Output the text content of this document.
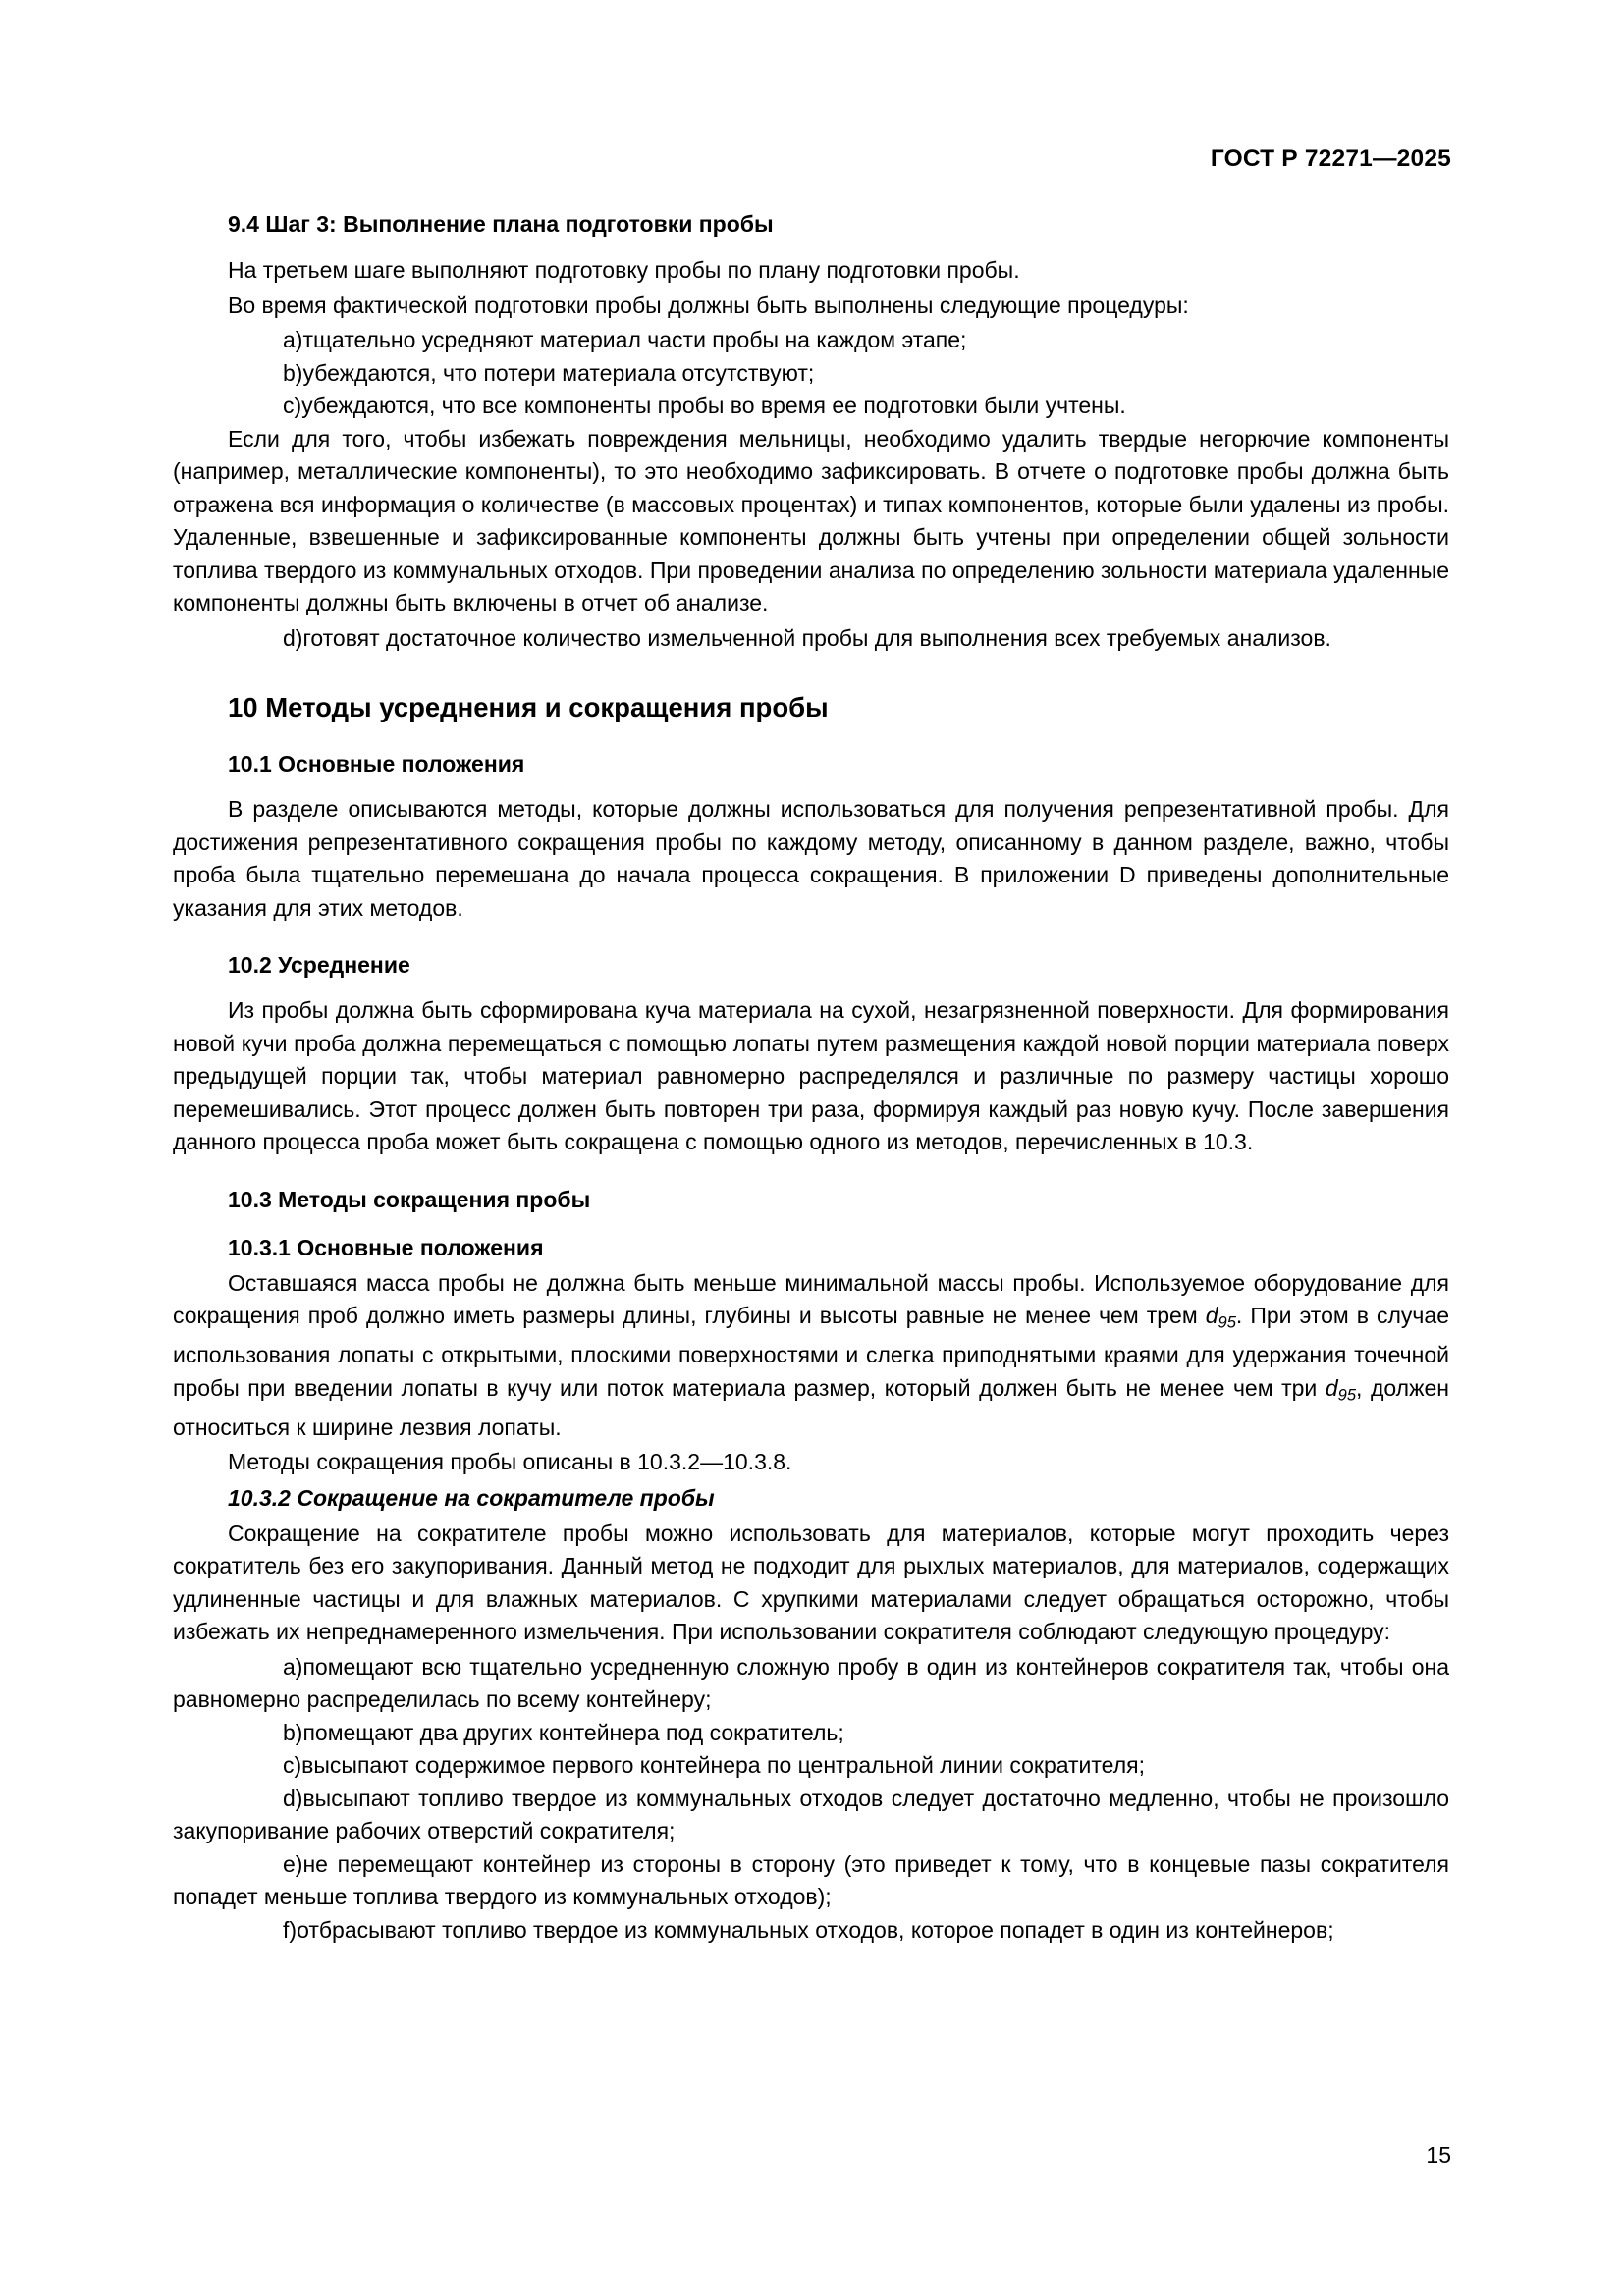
ГОСТ Р 72271—2025
9.4 Шаг 3: Выполнение плана подготовки пробы

На третьем шаге выполняют подготовку пробы по плану подготовки пробы.

Во время фактической подготовки пробы должны быть выполнены следующие процедуры:

a)тщательно усредняют материал части пробы на каждом этапе;

b)убеждаются, что потери материала отсутствуют;

c)убеждаются, что все компоненты пробы во время ее подготовки были учтены.

Если для того, чтобы избежать повреждения мельницы, необходимо удалить твердые негорючие компоненты (например, металлические компоненты), то это необходимо зафиксировать. В отчете о подготовке пробы должна быть отражена вся информация о количестве (в массовых процентах) и типах компонентов, которые были удалены из пробы. Удаленные, взвешенные и зафиксированные компоненты должны быть учтены при определении общей зольности топлива твердого из коммунальных отходов. При проведении анализа по определению зольности материала удаленные компоненты должны быть включены в отчет об анализе.

d)готовят достаточное количество измельченной пробы для выполнения всех требуемых анализов.

10 Методы усреднения и сокращения пробы
10.1 Основные положения

В разделе описываются методы, которые должны использоваться для получения репрезентативной пробы. Для достижения репрезентативного сокращения пробы по каждому методу, описанному в данном разделе, важно, чтобы проба была тщательно перемешана до начала процесса сокращения. В приложении D приведены дополнительные указания для этих методов.

10.2 Усреднение

Из пробы должна быть сформирована куча материала на сухой, незагрязненной поверхности. Для формирования новой кучи проба должна перемещаться с помощью лопаты путем размещения каждой новой порции материала поверх предыдущей порции так, чтобы материал равномерно распределялся и различные по размеру частицы хорошо перемешивались. Этот процесс должен быть повторен три раза, формируя каждый раз новую кучу. После завершения данного процесса проба может быть сокращена с помощью одного из методов, перечисленных в 10.3.

10.3 Методы сокращения пробы
10.3.1 Основные положения

Оставшаяся масса пробы не должна быть меньше минимальной массы пробы. Используемое оборудование для сокращения проб должно иметь размеры длины, глубины и высоты равные не менее чем трем $d_{95}$. При этом в случае использования лопаты с открытыми, плоскими поверхностями и слегка приподнятыми краями для удержания точечной пробы при введении лопаты в кучу или поток материала размер, который должен быть не менее чем три $d_{95}$, должен относиться к ширине лезвия лопаты.

Методы сокращения пробы описаны в 10.3.2—10.3.8.

10.3.2 Сокращение на сократителе пробы

Сокращение на сократителе пробы можно использовать для материалов, которые могут проходить через сократитель без его закупоривания. Данный метод не подходит для рыхлых материалов, для материалов, содержащих удлиненные частицы и для влажных материалов. С хрупкими материалами следует обращаться осторожно, чтобы избежать их непреднамеренного измельчения. При использовании сократителя соблюдают следующую процедуру:

a)помещают всю тщательно усредненную сложную пробу в один из контейнеров сократителя так, чтобы она равномерно распределилась по всему контейнеру;

b)помещают два других контейнера под сократитель;

c)высыпают содержимое первого контейнера по центральной линии сократителя;

d)высыпают топливо твердое из коммунальных отходов следует достаточно медленно, чтобы не произошло закупоривание рабочих отверстий сократителя;

e)не перемещают контейнер из стороны в сторону (это приведет к тому, что в концевые пазы сократителя попадет меньше топлива твердого из коммунальных отходов);

f)отбрасывают топливо твердое из коммунальных отходов, которое попадет в один из контейнеров;

15
